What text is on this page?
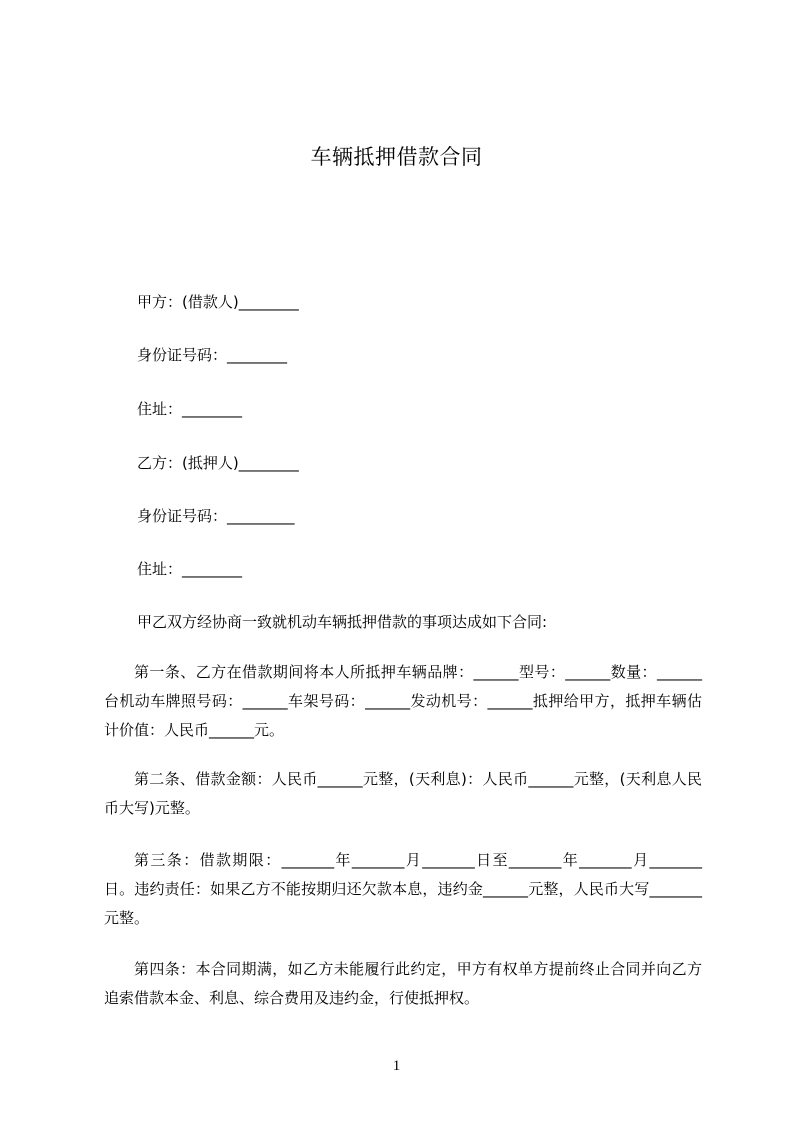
车辆抵押借款合同
甲方：(借款人)________
身份证号码：________
住址：________
乙方：(抵押人)________
身份证号码：_________
住址：________
甲乙双方经协商一致就机动车辆抵押借款的事项达成如下合同:

第一条、乙方在借款期间将本人所抵押车辆品牌：______型号：______数量：______台机动车牌照号码：______车架号码：______发动机号：______抵押给甲方，抵押车辆估计价值：人民币______元。

第二条、借款金额：人民币______元整，(天利息)：人民币______元整，(天利息人民币大写)元整。

第三条：借款期限：_______年_______月_______日至_______年_______月_______日。违约责任：如果乙方不能按期归还欠款本息，违约金______元整，人民币大写_______元整。

第四条：本合同期满，如乙方未能履行此约定，甲方有权单方提前终止合同并向乙方追索借款本金、利息、综合费用及违约金，行使抵押权。

1
